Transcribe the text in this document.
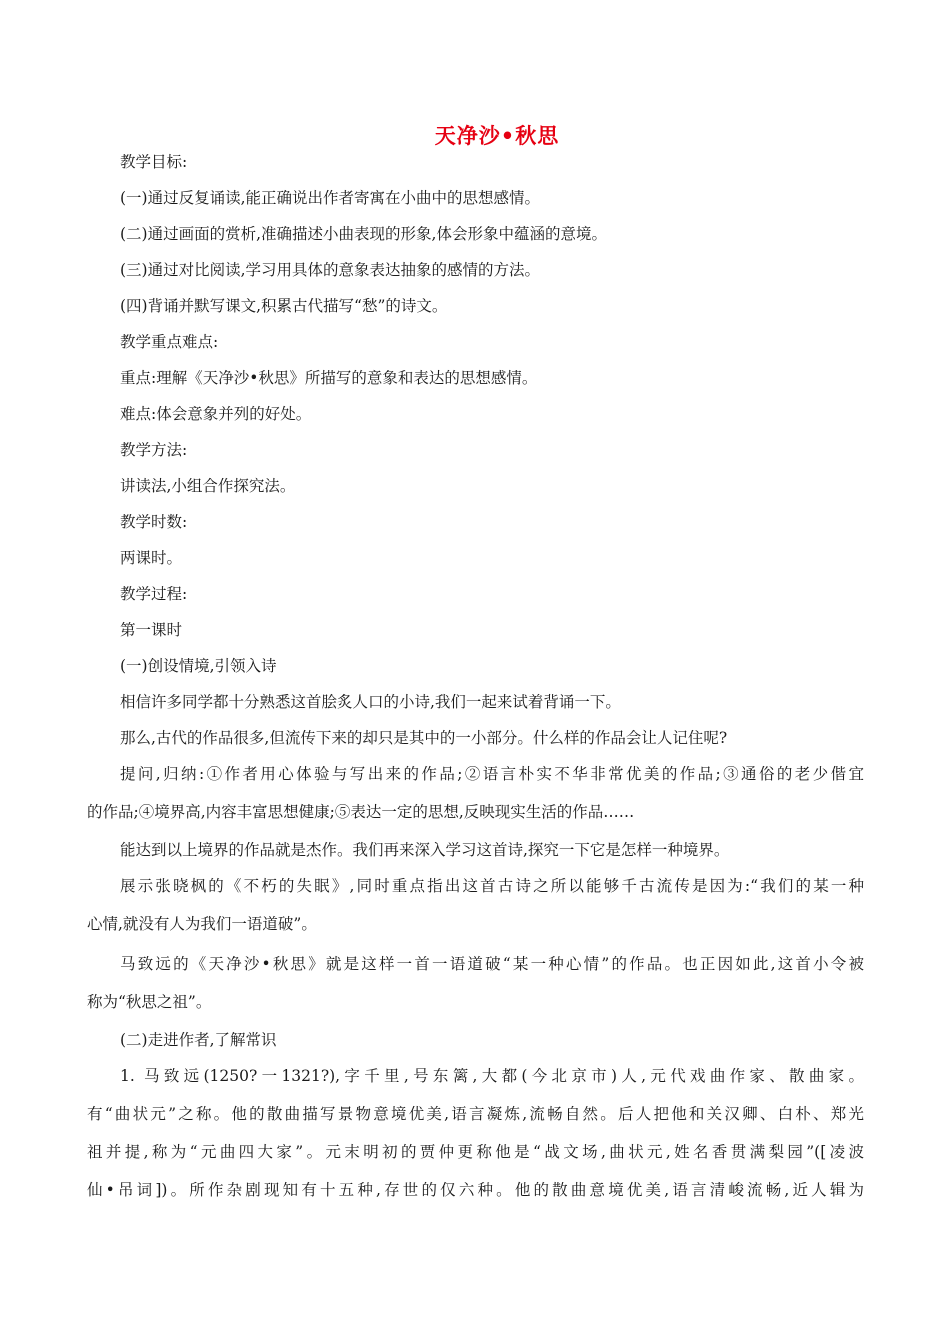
天净沙•秋思
教学目标:
(一)通过反复诵读,能正确说出作者寄寓在小曲中的思想感情。
(二)通过画面的赏析,准确描述小曲表现的形象,体会形象中蕴涵的意境。
(三)通过对比阅读,学习用具体的意象表达抽象的感情的方法。
(四)背诵并默写课文,积累古代描写“愁”的诗文。
教学重点难点:
重点:理解《天净沙•秋思》所描写的意象和表达的思想感情。
难点:体会意象并列的好处。
教学方法:
讲读法,小组合作探究法。
教学时数:
两课时。
教学过程:
第一课时
(一)创设情境,引领入诗
相信许多同学都十分熟悉这首脍炙人口的小诗,我们一起来试着背诵一下。
那么,古代的作品很多,但流传下来的却只是其中的一小部分。什么样的作品会让人记住呢?
提问,归纳:①作者用心体验与写出来的作品;②语言朴实不华非常优美的作品;③通俗的老少偕宜
的作品;④境界高,内容丰富思想健康;⑤表达一定的思想,反映现实生活的作品……
能达到以上境界的作品就是杰作。我们再来深入学习这首诗,探究一下它是怎样一种境界。
展示张晓枫的《不朽的失眠》,同时重点指出这首古诗之所以能够千古流传是因为:“我们的某一种
心情,就没有人为我们一语道破”。
马致远的《天净沙•秋思》就是这样一首一语道破“某一种心情”的作品。也正因如此,这首小令被
称为“秋思之祖”。
(二)走进作者,了解常识
1. 马致远(1250?一1321?),字千里,号东篱,大都(今北京市)人,元代戏曲作家、散曲家。
有“曲状元”之称。他的散曲描写景物意境优美,语言凝炼,流畅自然。后人把他和关汉卿、白朴、郑光
祖并提,称为“元曲四大家”。元末明初的贾仲更称他是“战文场,曲状元,姓名香贯满梨园”([凌波
仙•吊词])。所作杂剧现知有十五种,存世的仅六种。他的散曲意境优美,语言清峻流畅,近人辑为
